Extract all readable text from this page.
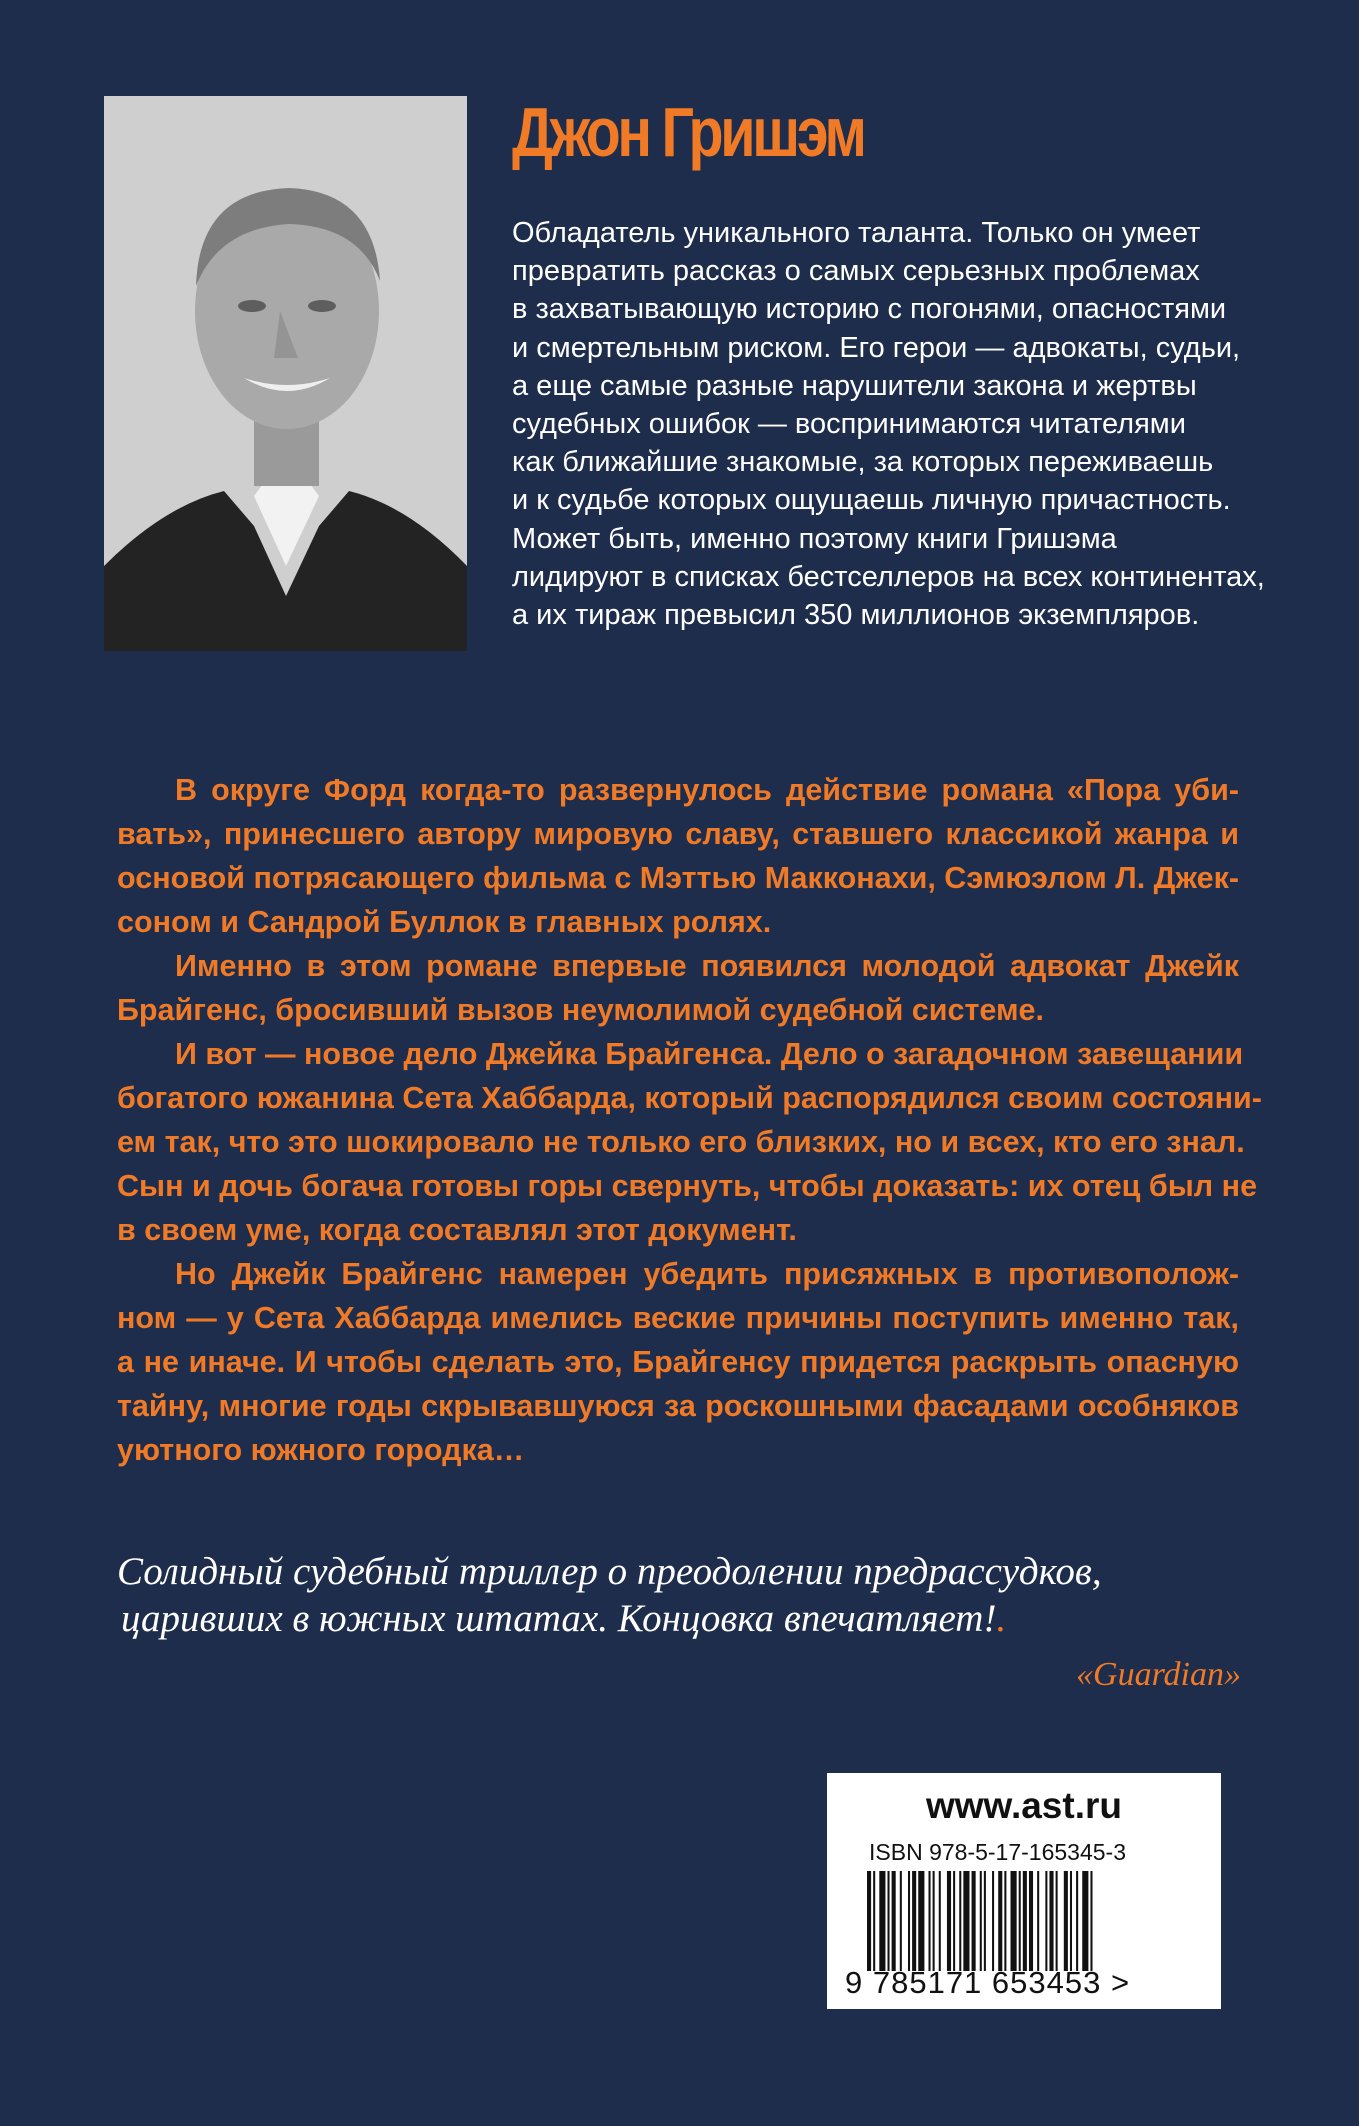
Джон Гришэм
Обладатель уникального таланта. Только он умеет
превратить рассказ о самых серьезных проблемах
в захватывающую историю с погонями, опасностями
и смертельным риском. Его герои — адвокаты, судьи,
а еще самые разные нарушители закона и жертвы
судебных ошибок — воспринимаются читателями
как ближайшие знакомые, за которых переживаешь
и к судьбе которых ощущаешь личную причастность.
Может быть, именно поэтому книги Гришэма
лидируют в списках бестселлеров на всех континентах,
а их тираж превысил 350 миллионов экземпляров.
В округе Форд когда-то развернулось действие романа «Пора уби-
вать», принесшего автору мировую славу, ставшего классикой жанра и
основой потрясающего фильма с Мэттью Макконахи, Сэмюэлом Л. Джек-
соном и Сандрой Буллок в главных ролях.
Именно в этом романе впервые появился молодой адвокат Джейк
Брайгенс, бросивший вызов неумолимой судебной системе.
И вот — новое дело Джейка Брайгенса. Дело о загадочном завещании
богатого южанина Сета Хаббарда, который распорядился своим состояни-
ем так, что это шокировало не только его близких, но и всех, кто его знал.
Сын и дочь богача готовы горы свернуть, чтобы доказать: их отец был не
в своем уме, когда составлял этот документ.
Но Джейк Брайгенс намерен убедить присяжных в противополож-
ном — у Сета Хаббарда имелись веские причины поступить именно так,
а не иначе. И чтобы сделать это, Брайгенсу придется раскрыть опасную
тайну, многие годы скрывавшуюся за роскошными фасадами особняков
уютного южного городка…
Солидный судебный триллер о преодолении предрассудков,
царивших в южных штатах. Концовка впечатляет!.
«Guardian»
www.ast.ru
ISBN 978-5-17-165345-3
9 785171 653453 >
